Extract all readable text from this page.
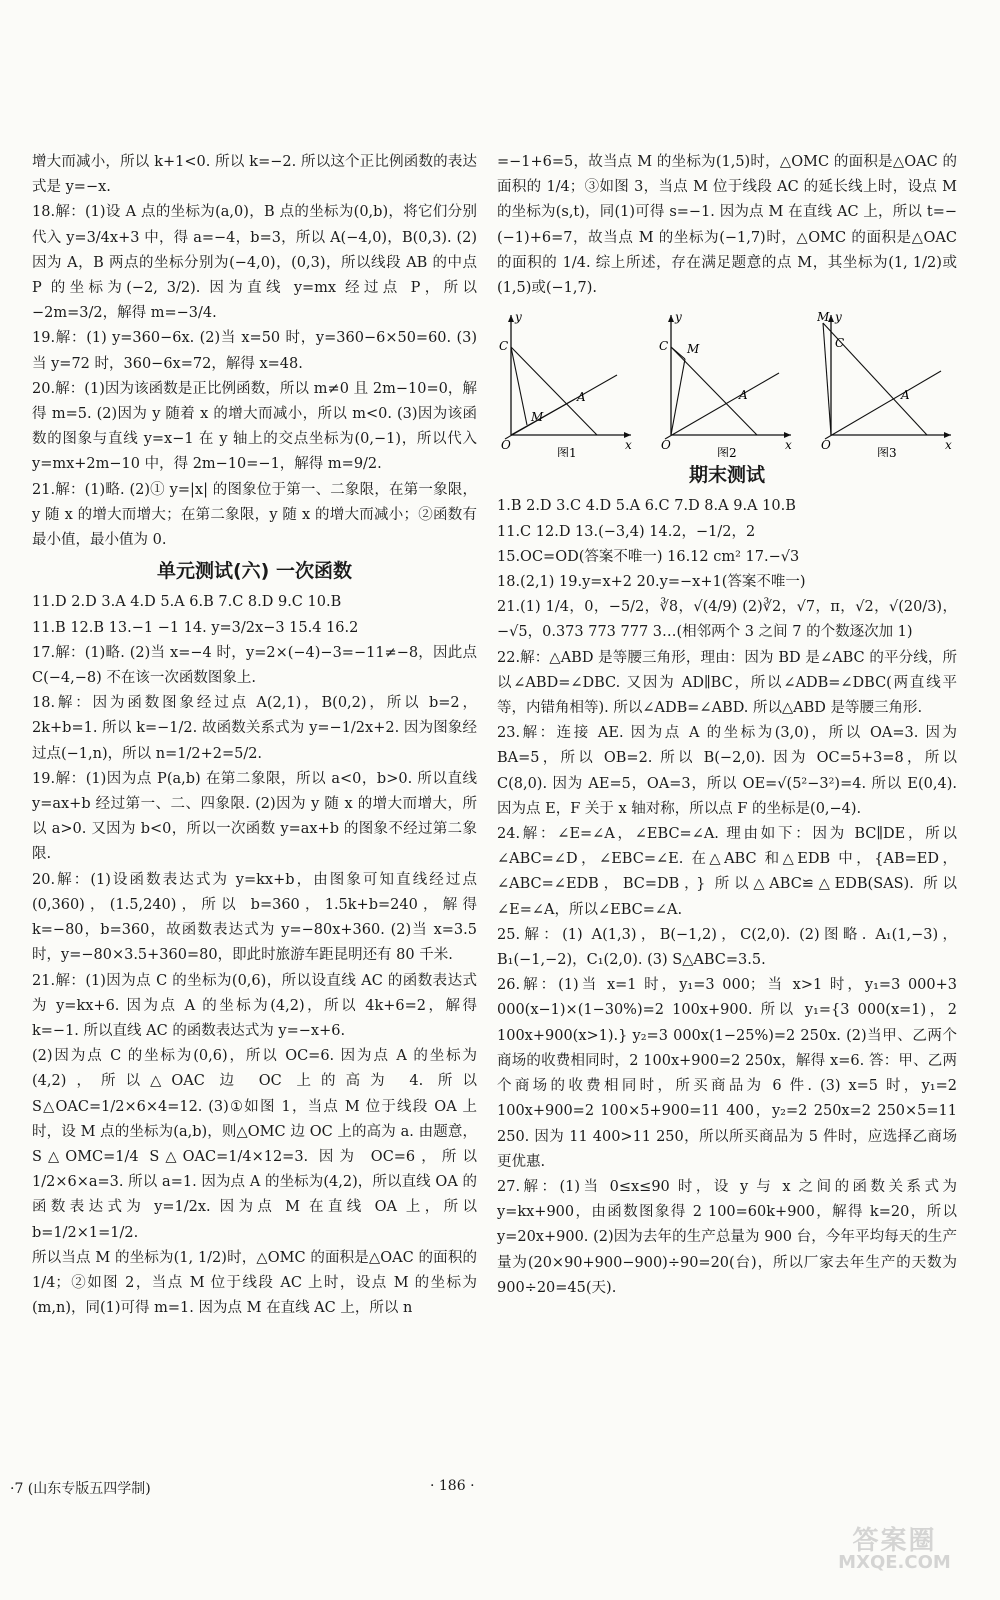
增大而减小，所以 k+1<0. 所以 k=−2. 所以这个正比例函数的表达式是 y=−x.

18.解：(1)设 A 点的坐标为(a,0)，B 点的坐标为(0,b)，将它们分别代入 y=3/4x+3 中，得 a=−4，b=3，所以 A(−4,0)，B(0,3). (2)因为 A，B 两点的坐标分别为(−4,0)，(0,3)，所以线段 AB 的中点 P 的坐标为(−2, 3/2). 因为直线 y=mx 经过点 P，所以 −2m=3/2，解得 m=−3/4.

19.解：(1) y=360−6x. (2)当 x=50 时，y=360−6×50=60. (3)当 y=72 时，360−6x=72，解得 x=48.

20.解：(1)因为该函数是正比例函数，所以 m≠0 且 2m−10=0，解得 m=5. (2)因为 y 随着 x 的增大而减小，所以 m<0. (3)因为该函数的图象与直线 y=x−1 在 y 轴上的交点坐标为(0,−1)，所以代入 y=mx+2m−10 中，得 2m−10=−1，解得 m=9/2.

21.解：(1)略. (2)① y=|x| 的图象位于第一、二象限，在第一象限，y 随 x 的增大而增大；在第二象限，y 随 x 的增大而减小；②函数有最小值，最小值为 0.

单元测试(六) 一次函数

11.D 2.D 3.A 4.D 5.A 6.B 7.C 8.D 9.C 10.B

11.B 12.B 13.−1 −1 14. y=3/2x−3 15.4 16.2

17.解：(1)略. (2)当 x=−4 时，y=2×(−4)−3=−11≠−8，因此点 C(−4,−8) 不在该一次函数图象上.

18.解：因为函数图象经过点 A(2,1)，B(0,2)，所以 b=2，2k+b=1. 所以 k=−1/2. 故函数关系式为 y=−1/2x+2. 因为图象经过点(−1,n)，所以 n=1/2+2=5/2.

19.解：(1)因为点 P(a,b) 在第二象限，所以 a<0，b>0. 所以直线 y=ax+b 经过第一、二、四象限. (2)因为 y 随 x 的增大而增大，所以 a>0. 又因为 b<0，所以一次函数 y=ax+b 的图象不经过第二象限.

20.解：(1)设函数表达式为 y=kx+b，由图象可知直线经过点(0,360)，(1.5,240)，所以 b=360，1.5k+b=240，解得 k=−80，b=360，故函数表达式为 y=−80x+360. (2)当 x=3.5 时，y=−80×3.5+360=80，即此时旅游车距昆明还有 80 千米.

21.解：(1)因为点 C 的坐标为(0,6)，所以设直线 AC 的函数表达式为 y=kx+6. 因为点 A 的坐标为(4,2)，所以 4k+6=2，解得 k=−1. 所以直线 AC 的函数表达式为 y=−x+6.

(2)因为点 C 的坐标为(0,6)，所以 OC=6. 因为点 A 的坐标为(4,2)，所以△OAC 边 OC 上的高为 4. 所以 S△OAC=1/2×6×4=12. (3)①如图 1，当点 M 位于线段 OA 上时，设 M 点的坐标为(a,b)，则△OMC 边 OC 上的高为 a. 由题意，S△OMC=1/4 S△OAC=1/4×12=3. 因为 OC=6，所以 1/2×6×a=3. 所以 a=1. 因为点 A 的坐标为(4,2)，所以直线 OA 的函数表达式为 y=1/2x. 因为点 M 在直线 OA 上，所以 b=1/2×1=1/2.

所以当点 M 的坐标为(1, 1/2)时，△OMC 的面积是△OAC 的面积的 1/4；②如图 2，当点 M 位于线段 AC 上时，设点 M 的坐标为(m,n)，同(1)可得 m=1. 因为点 M 在直线 AC 上，所以 n

=−1+6=5，故当点 M 的坐标为(1,5)时，△OMC 的面积是△OAC 的面积的 1/4；③如图 3，当点 M 位于线段 AC 的延长线上时，设点 M 的坐标为(s,t)，同(1)可得 s=−1. 因为点 M 在直线 AC 上，所以 t=−(−1)+6=7，故当点 M 的坐标为(−1,7)时，△OMC 的面积是△OAC 的面积的 1/4. 综上所述，存在满足题意的点 M，其坐标为(1, 1/2)或(1,5)或(−1,7).

y
x
O
C
A
M
图1
y
x
O
C
A
M
图2
y
x
O
C
A
M
图3
期末测试

1.B 2.D 3.C 4.D 5.A 6.C 7.D 8.A 9.A 10.B

11.C 12.D 13.(−3,4) 14.2，−1/2，2

15.OC=OD(答案不唯一) 16.12 cm² 17.−√3

18.(2,1) 19.y=x+2 20.y=−x+1(答案不唯一)

21.(1) 1/4，0，−5/2，∛8，√(4/9) (2)∛2，√7，π，√2，√(20/3)，−√5，0.373 773 777 3…(相邻两个 3 之间 7 的个数逐次加 1)

22.解：△ABD 是等腰三角形，理由：因为 BD 是∠ABC 的平分线，所以∠ABD=∠DBC. 又因为 AD∥BC，所以∠ADB=∠DBC(两直线平等，内错角相等). 所以∠ADB=∠ABD. 所以△ABD 是等腰三角形.

23.解：连接 AE. 因为点 A 的坐标为(3,0)，所以 OA=3. 因为 BA=5，所以 OB=2. 所以 B(−2,0). 因为 OC=5+3=8，所以 C(8,0). 因为 AE=5，OA=3，所以 OE=√(5²−3²)=4. 所以 E(0,4). 因为点 E，F 关于 x 轴对称，所以点 F 的坐标是(0,−4).

24.解：∠E=∠A，∠EBC=∠A. 理由如下：因为 BC∥DE，所以∠ABC=∠D，∠EBC=∠E. 在△ABC 和△EDB 中，{AB=ED，∠ABC=∠EDB，BC=DB，} 所以△ABC≌△EDB(SAS). 所以∠E=∠A，所以∠EBC=∠A.

25.解：(1) A(1,3)，B(−1,2)，C(2,0). (2)图略. A₁(1,−3)，B₁(−1,−2)，C₁(2,0). (3) S△ABC=3.5.

26.解：(1)当 x=1 时，y₁=3 000；当 x>1 时，y₁=3 000+3 000(x−1)×(1−30%)=2 100x+900. 所以 y₁={3 000(x=1)，2 100x+900(x>1).} y₂=3 000x(1−25%)=2 250x. (2)当甲、乙两个商场的收费相同时，2 100x+900=2 250x，解得 x=6. 答：甲、乙两个商场的收费相同时，所买商品为 6 件. (3) x=5 时，y₁=2 100x+900=2 100×5+900=11 400，y₂=2 250x=2 250×5=11 250. 因为 11 400>11 250，所以所买商品为 5 件时，应选择乙商场更优惠.

27.解：(1)当 0≤x≤90 时，设 y 与 x 之间的函数关系式为 y=kx+900，由函数图象得 2 100=60k+900，解得 k=20，所以 y=20x+900. (2)因为去年的生产总量为 900 台，今年平均每天的生产量为(20×90+900−900)÷90=20(台)，所以厂家去年生产的天数为 900÷20=45(天).

·7 (山东专版五四学制)	· 186 ·
答案圈
MXQE.COM
